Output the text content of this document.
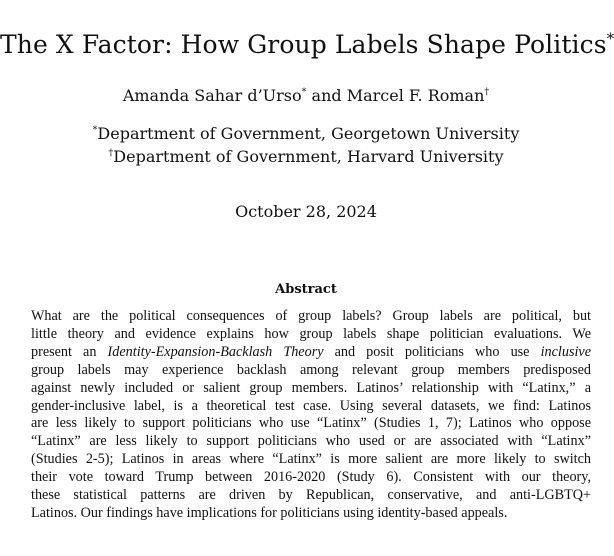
The X Factor: How Group Labels Shape Politics*
Amanda Sahar d’Urso* and Marcel F. Roman†
*Department of Government, Georgetown University
†Department of Government, Harvard University
October 28, 2024
Abstract
What are the political consequences of group labels? Group labels are political, but
little theory and evidence explains how group labels shape politician evaluations. We
present an Identity-Expansion-Backlash Theory and posit politicians who use inclusive
group labels may experience backlash among relevant group members predisposed
against newly included or salient group members. Latinos’ relationship with “Latinx,” a
gender-inclusive label, is a theoretical test case. Using several datasets, we find: Latinos
are less likely to support politicians who use “Latinx” (Studies 1, 7); Latinos who oppose
“Latinx” are less likely to support politicians who used or are associated with “Latinx”
(Studies 2-5); Latinos in areas where “Latinx” is more salient are more likely to switch
their vote toward Trump between 2016-2020 (Study 6). Consistent with our theory,
these statistical patterns are driven by Republican, conservative, and anti-LGBTQ+
Latinos. Our findings have implications for politicians using identity-based appeals.
